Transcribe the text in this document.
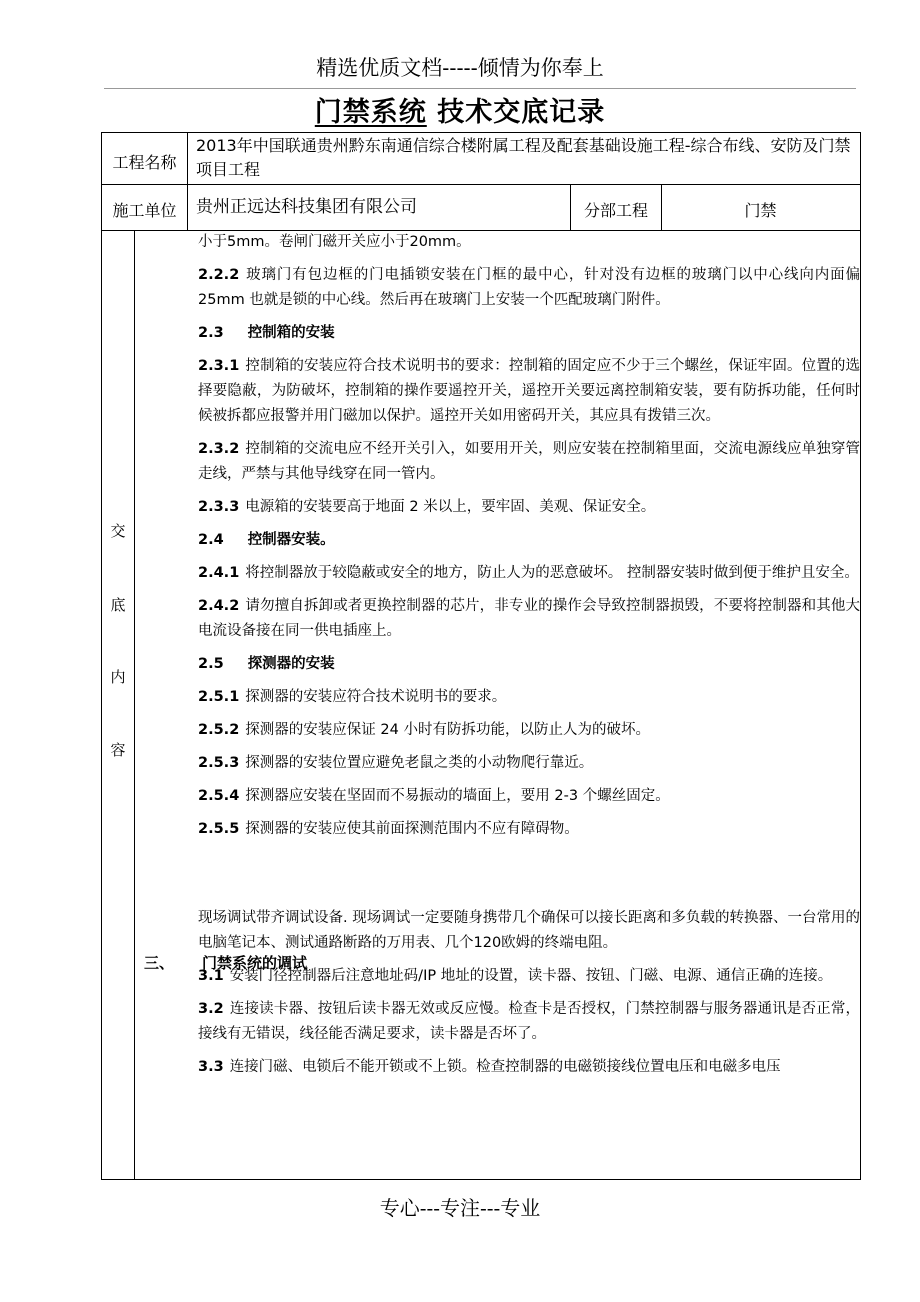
精选优质文档-----倾情为你奉上
门禁系统 技术交底记录
工程名称
2013年中国联通贵州黔东南通信综合楼附属工程及配套基础设施工程-综合布线、安防及门禁项目工程
施工单位	贵州正远达科技集团有限公司	分部工程	门禁
交
底
内
容
小于5mm。卷闸门磁开关应小于20mm。
2.2.2 玻璃门有包边框的门电插锁安装在门框的最中心，针对没有边框的玻璃门以中心线向内面偏 25mm 也就是锁的中心线。然后再在玻璃门上安装一个匹配玻璃门附件。
2.3 控制箱的安装
2.3.1 控制箱的安装应符合技术说明书的要求：控制箱的固定应不少于三个螺丝，保证牢固。位置的选择要隐蔽，为防破坏，控制箱的操作要遥控开关，遥控开关要远离控制箱安装，要有防拆功能，任何时候被拆都应报警并用门磁加以保护。遥控开关如用密码开关，其应具有拨错三次。
2.3.2 控制箱的交流电应不经开关引入，如要用开关，则应安装在控制箱里面，交流电源线应单独穿管走线，严禁与其他导线穿在同一管内。
2.3.3 电源箱的安装要高于地面 2 米以上，要牢固、美观、保证安全。
2.4 控制器安装。
2.4.1 将控制器放于较隐蔽或安全的地方，防止人为的恶意破坏。 控制器安装时做到便于维护且安全。
2.4.2 请勿擅自拆卸或者更换控制器的芯片，非专业的操作会导致控制器损毁，不要将控制器和其他大电流设备接在同一供电插座上。
2.5 探测器的安装
2.5.1 探测器的安装应符合技术说明书的要求。
2.5.2 探测器的安装应保证 24 小时有防拆功能，以防止人为的破坏。
2.5.3 探测器的安装位置应避免老鼠之类的小动物爬行靠近。
2.5.4 探测器应安装在坚固而不易振动的墙面上，要用 2-3 个螺丝固定。
2.5.5 探测器的安装应使其前面探测范围内不应有障碍物。
现场调试带齐调试设备. 现场调试一定要随身携带几个确保可以接长距离和多负载的转换器、一台常用的电脑笔记本、测试通路断路的万用表、几个120欧姆的终端电阻。
3.1 安装门径控制器后注意地址码/IP 地址的设置，读卡器、按钮、门磁、电源、通信正确的连接。
3.2 连接读卡器、按钮后读卡器无效或反应慢。检查卡是否授权，门禁控制器与服务器通讯是否正常，接线有无错误，线径能否满足要求，读卡器是否坏了。
3.3 连接门磁、电锁后不能开锁或不上锁。检查控制器的电磁锁接线位置电压和电磁多电压
三、 门禁系统的调试
专心---专注---专业
